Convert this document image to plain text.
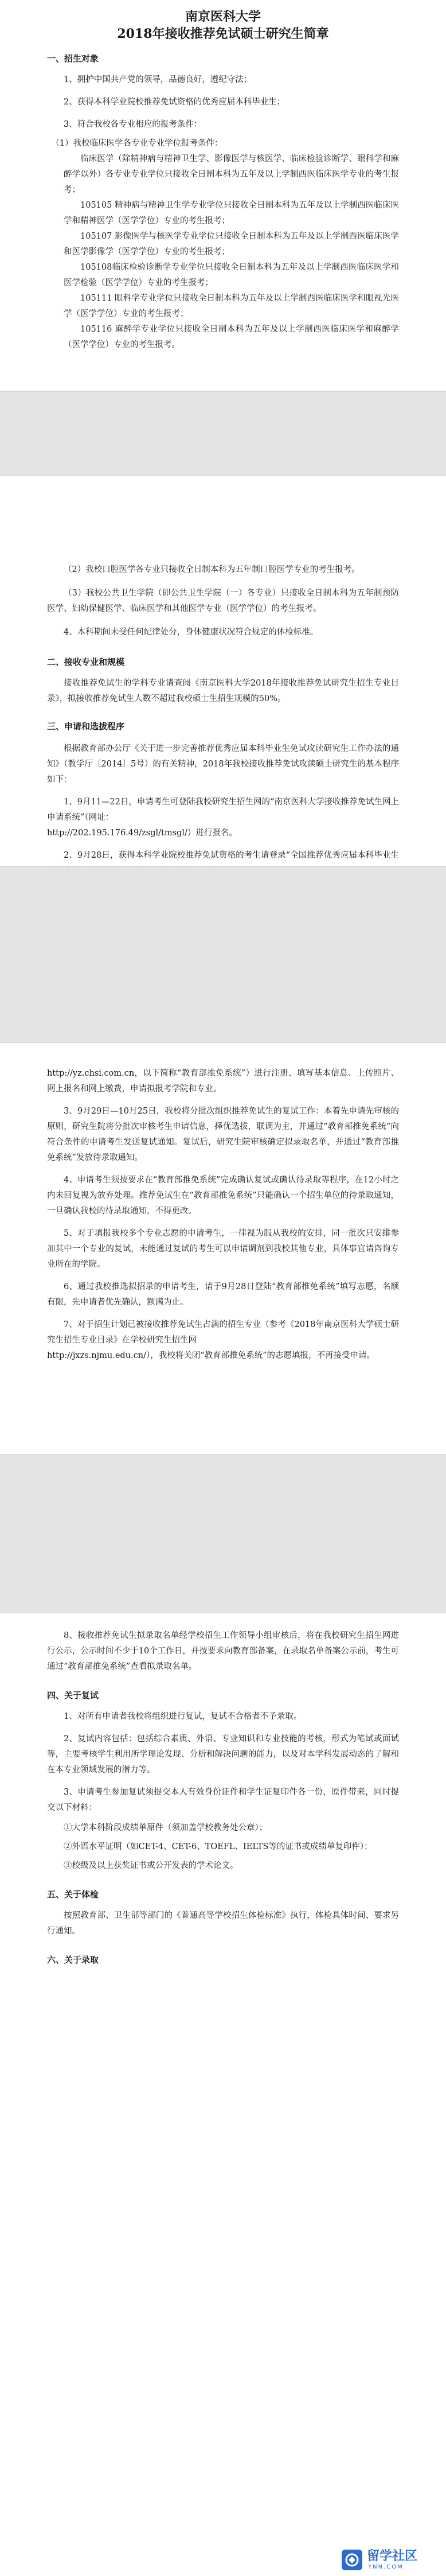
南京医科大学

2018年接收推荐免试硕士研究生简章

一、招生对象

1、拥护中国共产党的领导，品德良好，遵纪守法；

2、获得本科学业院校推荐免试资格的优秀应届本科毕业生；

3、符合我校各专业相应的报考条件：

（1）我校临床医学各专业专业学位报考条件：

临床医学（除精神病与精神卫生学、影像医学与核医学、临床检验诊断学、眼科学和麻醉学以外）各专业专业学位只接收全日制本科为五年及以上学制西医临床医学专业的考生报考；

105105 精神病与精神卫生学专业学位只接收全日制本科为五年及以上学制西医临床医学和精神医学（医学学位）专业的考生报考；

105107 影像医学与核医学专业学位只接收全日制本科为五年及以上学制西医临床医学和医学影像学（医学学位）专业的考生报考；

105108临床检验诊断学专业学位只接收全日制本科为五年及以上学制西医临床医学和医学检验（医学学位）专业的考生报考；

105111 眼科学专业学位只接收全日制本科为五年及以上学制西医临床医学和眼视光医学（医学学位）专业的考生报考；

105116 麻醉学专业学位只接收全日制本科为五年及以上学制西医临床医学和麻醉学（医学学位）专业的考生报考。

（2）我校口腔医学各专业只接收全日制本科为五年制口腔医学专业的考生报考。

（3）我校公共卫生学院（即公共卫生学院（一）各专业）只接收全日制本科为五年制预防医学、妇幼保健医学、临床医学和其他医学专业（医学学位）的考生报考。

4、本科期间未受任何纪律处分，身体健康状况符合规定的体检标准。

二、接收专业和规模

接收推荐免试生的学科专业请查阅《南京医科大学2018年接收推荐免试研究生招生专业目录》，拟接收推荐免试生人数不超过我校硕士生招生规模的50%。

三、申请和选拔程序

根据教育部办公厅《关于进一步完善推荐优秀应届本科毕业生免试攻读研究生工作办法的通知》（教学厅〔2014〕5号）的有关精神，2018年我校接收推荐免试攻读硕士研究生的基本程序如下：

1、9月11—22日，申请考生可登陆我校研究生招生网的“南京医科大学接收推荐免试生网上申请系统”（网址：

http://202.195.176.49/zsgl/tmsgl/）进行报名。

2、9月28日，获得本科学业院校推荐免试资格的考生请登录“全国推荐优秀应届本科毕业生

http://yz.chsi.com.cn，以下简称“教育部推免系统”）进行注册、填写基本信息、上传照片、网上报名和网上缴费，申请拟报考学院和专业。

3、9月29日—10月25日，我校将分批次组织推荐免试生的复试工作：本着先申请先审核的原则，研究生院将分批次审核考生申请信息，择优选拔，联调为主，并通过“教育部推免系统”向符合条件的申请考生发送复试通知。复试后，研究生院审核确定拟录取名单，并通过“教育部推免系统”发放待录取通知。

4、申请考生须按要求在“教育部推免系统”完成确认复试或确认待录取等程序，在12小时之内未回复视为放弃处理。推荐免试生在“教育部推免系统”只能确认一个招生单位的待录取通知，一旦确认我校的待录取通知，不得更改。

5、对于填报我校多个专业志愿的申请考生，一律视为服从我校的安排，同一批次只安排参加其中一个专业的复试，未能通过复试的考生可以申请调剂到我校其他专业，具体事宜请咨询专业所在的学院。

6、通过我校推选拟招录的申请考生，请于9月28日登陆“教育部推免系统”填写志愿，名额有限，先申请者优先确认，额满为止。

7、对于招生计划已被接收推荐免试生占满的招生专业（参考《2018年南京医科大学硕士研究生招生专业目录》在学校研究生招生网

http://jxzs.njmu.edu.cn/），我校将关闭“教育部推免系统”的志愿填报，不再接受申请。

8、接收推荐免试生拟录取名单经学校招生工作领导小组审核后，将在我校研究生招生网进行公示，公示时间不少于10个工作日，并按要求向教育部备案，在录取名单备案公示前，考生可通过“教育部推免系统”查看拟录取名单。

四、关于复试

1、对所有申请者我校将组织进行复试，复试不合格者不予录取。

2、复试内容包括：包括综合素质、外语、专业知识和专业技能的考核，形式为笔试或面试等，主要考核学生利用所学理论发现、分析和解决问题的能力，以及对本学科发展动态的了解和在本专业领域发展的潜力等。

3、申请考生参加复试须提交本人有效身份证件和学生证复印件各一份，原件带来，同时提交以下材料：

①大学本科阶段成绩单原件（须加盖学校教务处公章）；

②外语水平证明（如CET-4、CET-6、TOEFL、IELTS等的证书或成绩单复印件）；

③校级及以上获奖证书或公开发表的学术论文。

五、关于体检

按照教育部、卫生部等部门的《普通高等学校招生体检标准》执行，体检具体时间、要求另行通知。

六、关于录取

留学社区
YNN.COM
